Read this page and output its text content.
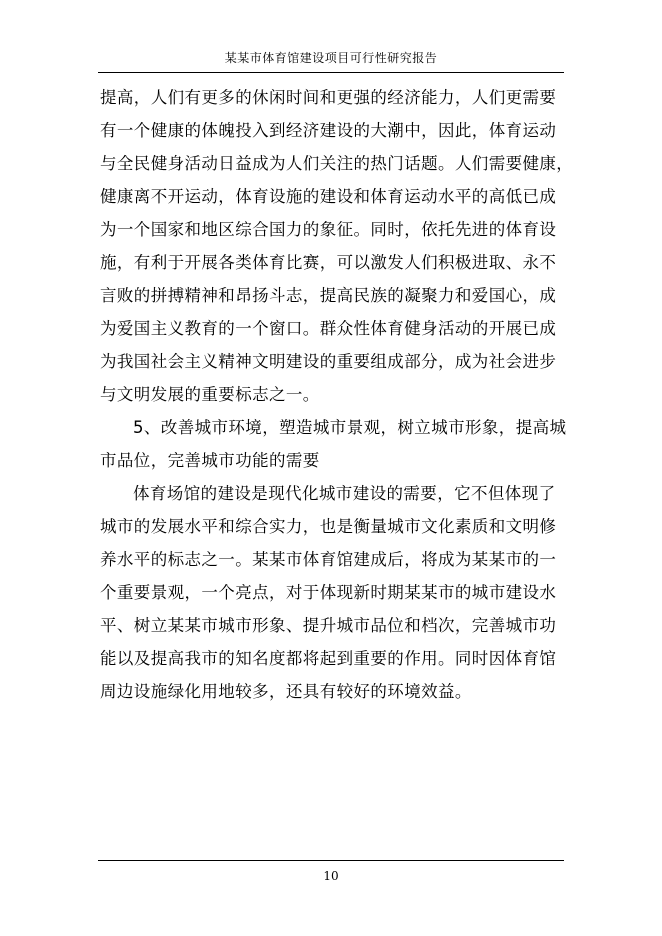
某某市体育馆建设项目可行性研究报告
提高，人们有更多的休闲时间和更强的经济能力，人们更需要
有一个健康的体魄投入到经济建设的大潮中，因此，体育运动
与全民健身活动日益成为人们关注的热门话题。人们需要健康，
健康离不开运动，体育设施的建设和体育运动水平的高低已成
为一个国家和地区综合国力的象征。同时，依托先进的体育设
施，有利于开展各类体育比赛，可以激发人们积极进取、永不
言败的拼搏精神和昂扬斗志，提高民族的凝聚力和爱国心，成
为爱国主义教育的一个窗口。群众性体育健身活动的开展已成
为我国社会主义精神文明建设的重要组成部分，成为社会进步
与文明发展的重要标志之一。
5、改善城市环境，塑造城市景观，树立城市形象，提高城
市品位，完善城市功能的需要
体育场馆的建设是现代化城市建设的需要，它不但体现了
城市的发展水平和综合实力，也是衡量城市文化素质和文明修
养水平的标志之一。某某市体育馆建成后，将成为某某市的一
个重要景观，一个亮点，对于体现新时期某某市的城市建设水
平、树立某某市城市形象、提升城市品位和档次，完善城市功
能以及提高我市的知名度都将起到重要的作用。同时因体育馆
周边设施绿化用地较多，还具有较好的环境效益。
10
